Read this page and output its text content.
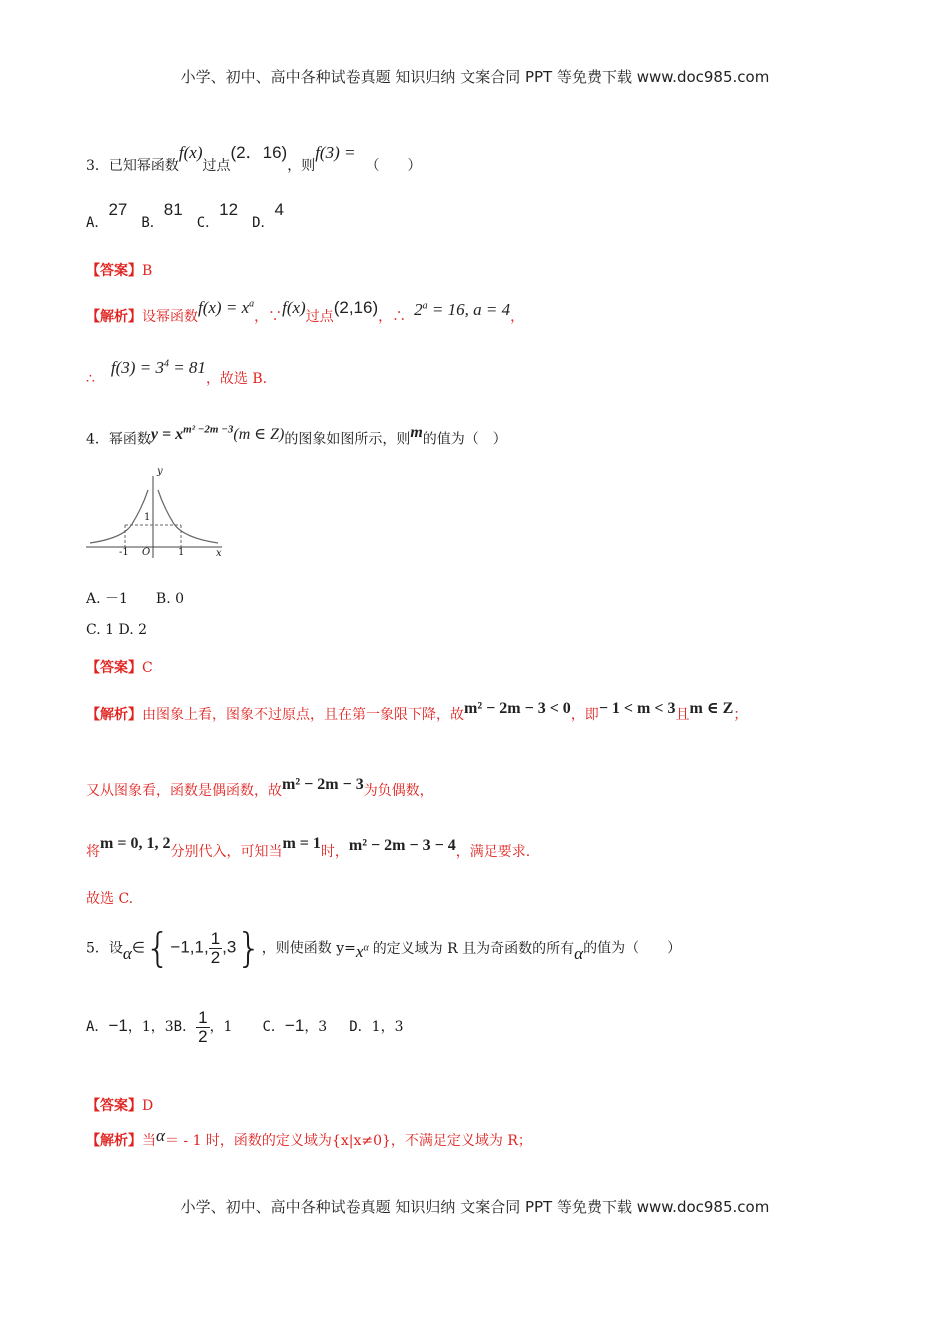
小学、初中、高中各种试卷真题 知识归纳 文案合同 PPT 等免费下载 www.doc985.com
3．已知幂函数f(x)过点(2．16)，则f(3) =（　　）
A．27B．81C．12D．4
【答案】B
【解析】设幂函数$f(x) = x^a$，∵f(x)过点(2,16)，∴ $2^a = 16$, a = 4，
∴f(3) = $3^4 = 81$，故选 B.
4．幂函数$y = x^{m^2 -2m -3}(m$ ∈ Z)的图象如图所示，则m的值为（　）
y
x
O
-1	1
1
A. －1　　B. 0
C. 1 D. 2
【答案】C
【解析】由图象上看，图象不过原点，且在第一象限下降，故m² − 2m − 3 < 0，即− 1 < m < 3且m ∈ Z；
又从图象看，函数是偶函数，故m² − 2m − 3为负偶数，
将m = 0, 1, 2分别代入，可知当m = 1时，m² − 2m − 3 − 4，满足要求.
故选 C.
5．设α∈{−1,1, $\frac{1}{2} ,3$}，则使函数 $y=x^\alpha$ 的定义域为 R 且为奇函数的所有α的值为（　　）
A．−1，1，3B． $\frac{1}{2}$ ，1 C．−1，3 D．1，3
【答案】D
【解析】当α＝ - 1 时，函数的定义域为{x|x≠0}，不满足定义域为 R；
小学、初中、高中各种试卷真题 知识归纳 文案合同 PPT 等免费下载 www.doc985.com
